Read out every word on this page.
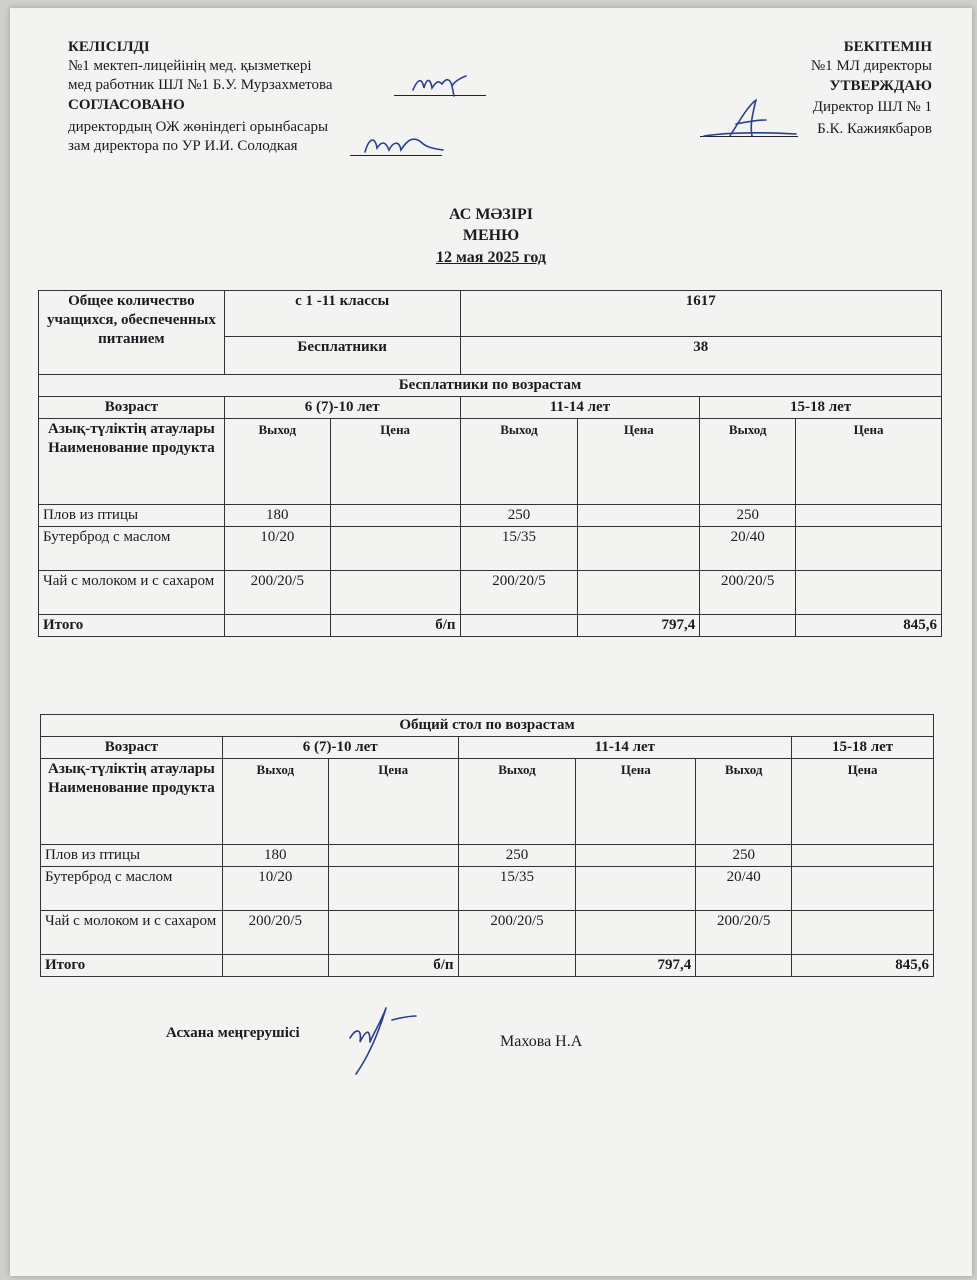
КЕЛІСІЛДІ
№1 мектеп-лицейінің мед. қызметкері
мед работник ШЛ №1 Б.У. Мурзахметова
СОГЛАСОВАНО
директордың ОЖ жөніндегі орынбасары
зам директора по УР И.И. Солодкая
БЕКІТЕМІН
№1 МЛ директоры
УТВЕРЖДАЮ
Директор ШЛ № 1
Б.К. Кажиякбаров
АС МӘЗІРІ
МЕНЮ
12 мая 2025 год
Общее количество учащихся, обеспеченных питанием	с 1 -11 классы		1617			
	Бесплатники		38			
Бесплатники по возрастам						
Возраст	6 (7)-10 лет		11-14 лет		15-18 лет	
Азық-түліктің атаулары Наименование продукта	Выход	Цена	Выход	Цена	Выход	Цена
Плов из птицы	180		250		250	
Бутерброд с маслом	10/20		15/35		20/40	
Чай с молоком и с сахаром	200/20/5		200/20/5		200/20/5	
Итого		б/п		797,4		845,6
Общий стол по возрастам						
Возраст	6 (7)-10 лет		11-14 лет			15-18 лет
Азық-түліктің атаулары Наименование продукта	Выход	Цена	Выход	Цена	Выход	Цена
Плов из птицы	180		250		250	
Бутерброд с маслом	10/20		15/35		20/40	
Чай с молоком и с сахаром	200/20/5		200/20/5		200/20/5	
Итого		б/п		797,4		845,6
Асхана меңгерушісі	Махова Н.А
